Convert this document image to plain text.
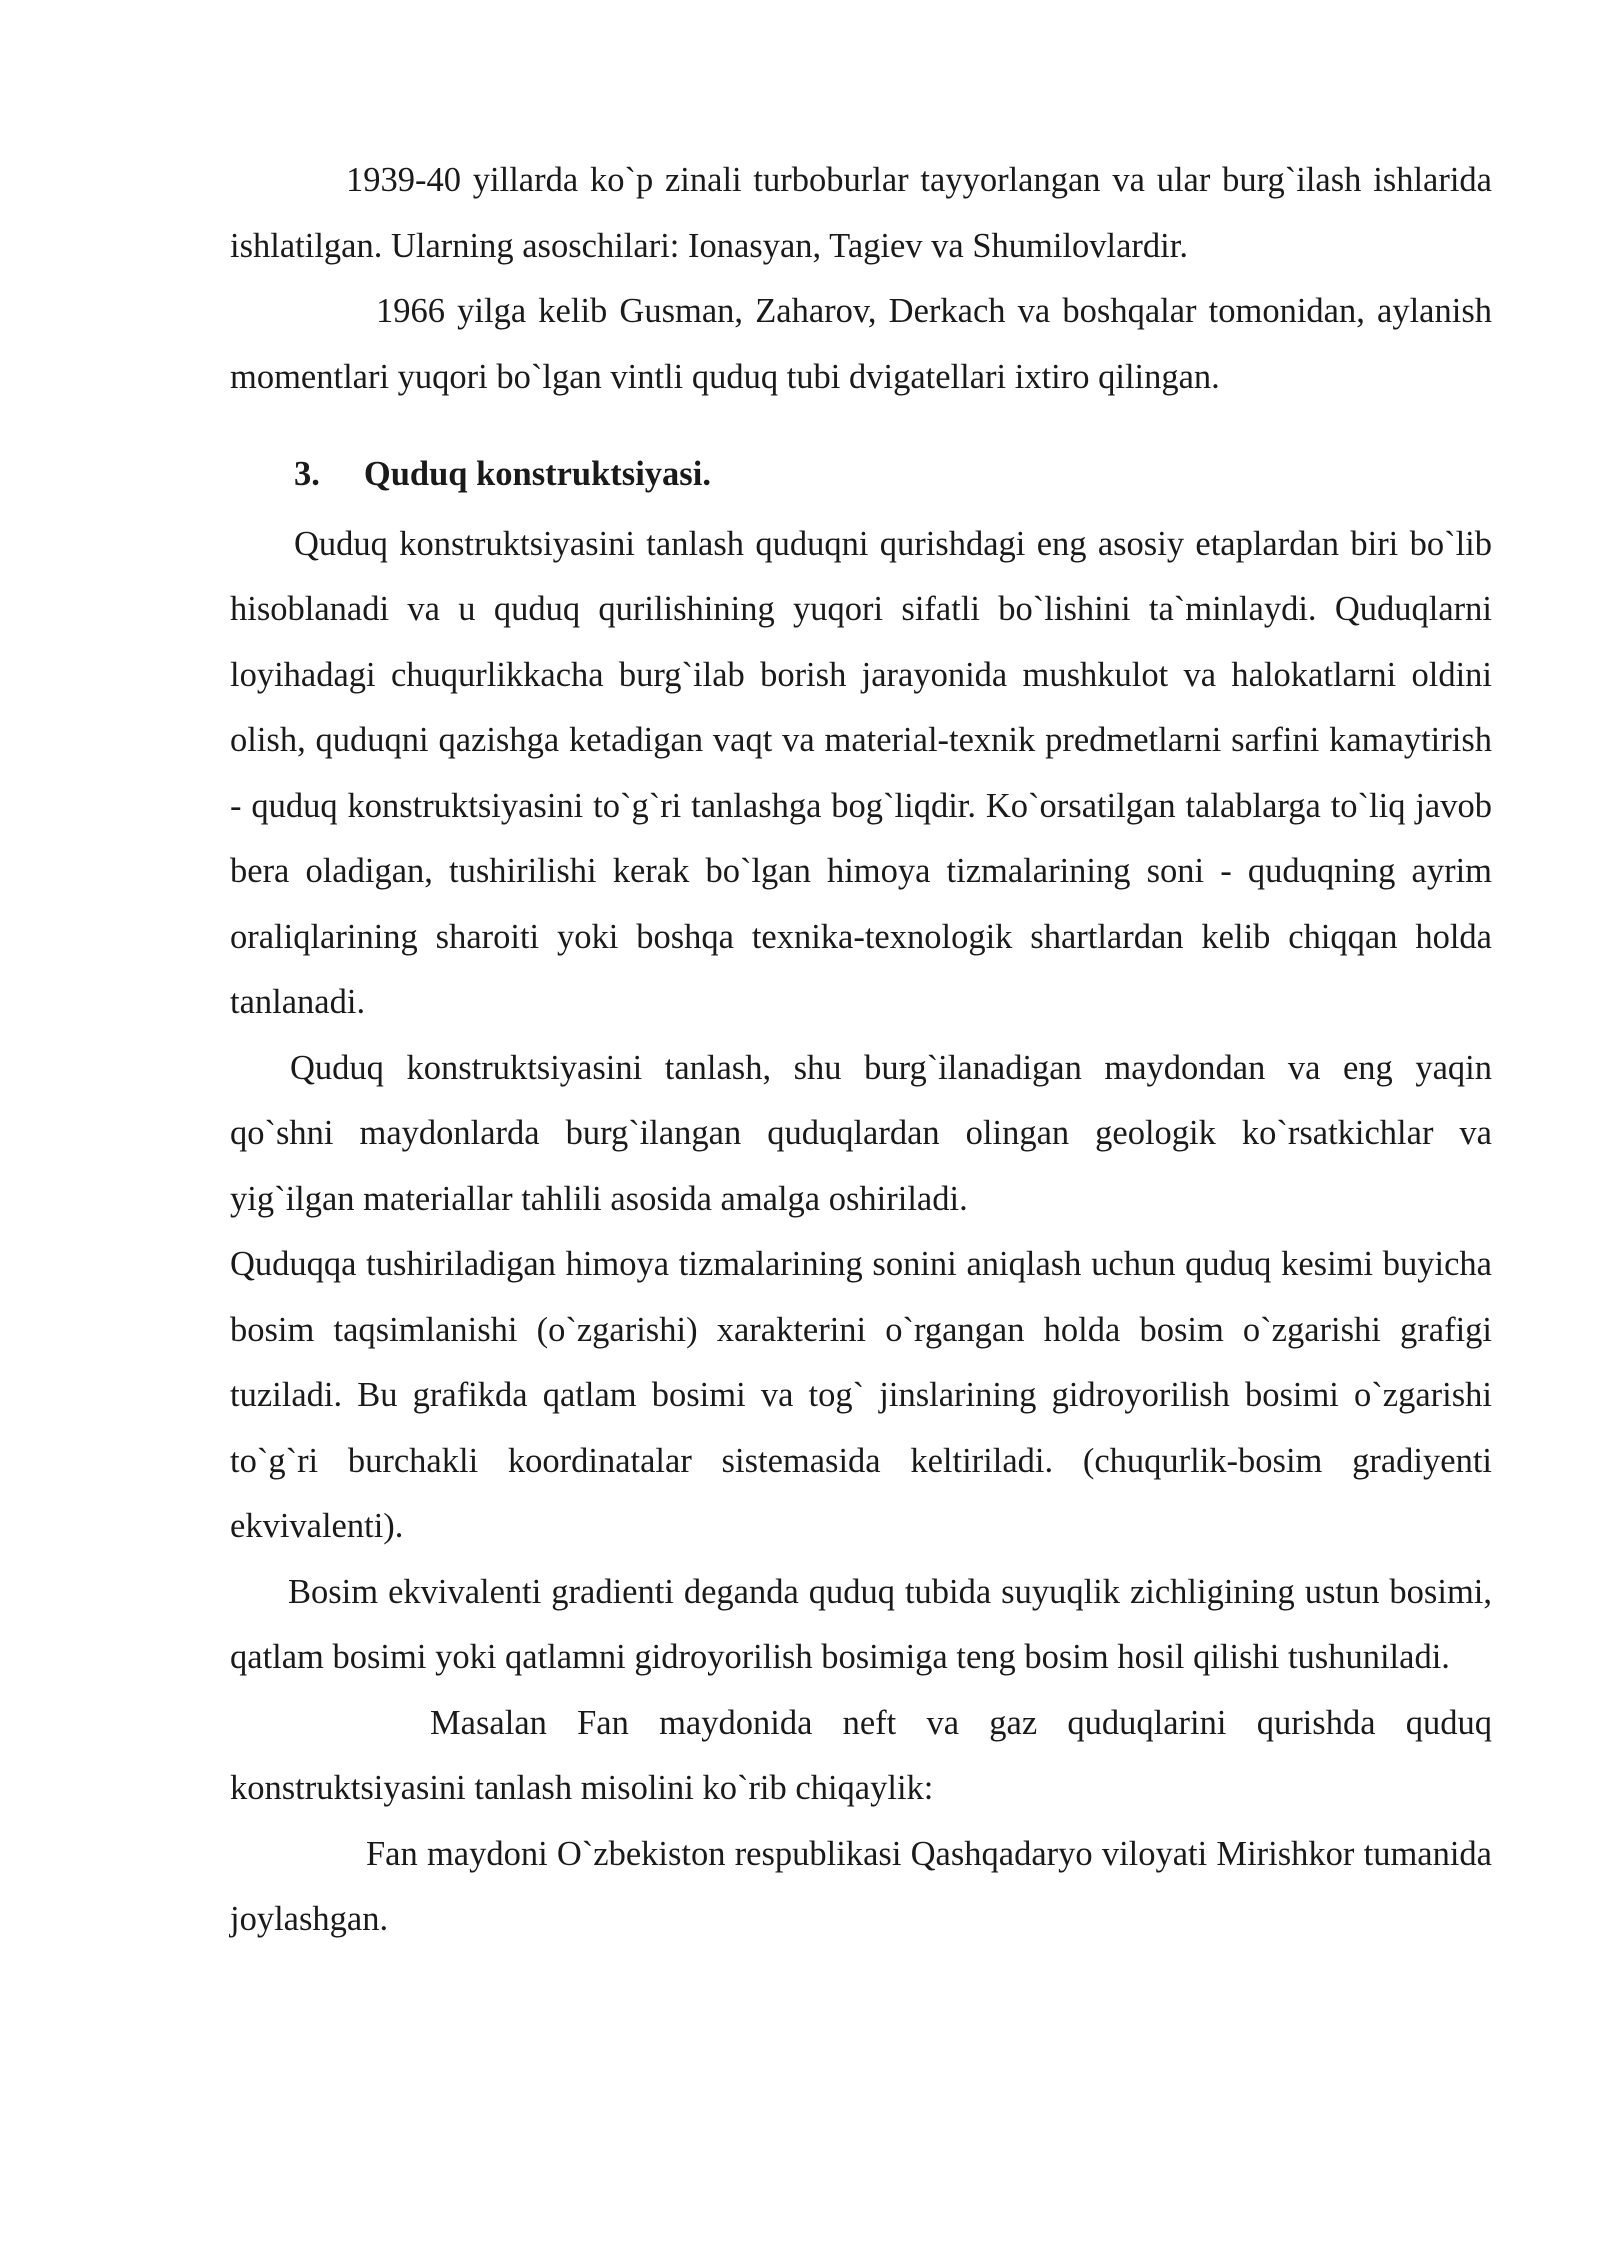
1939-40 yillarda ko`p zinali turboburlar tayyorlangan va ular burg`ilash ishlarida ishlatilgan. Ularning asoschilari: Ionasyan, Tagiev va Shumilovlardir.

1966 yilga kelib Gusman, Zaharov, Derkach va boshqalar tomonidan, aylanish momentlari yuqori bo`lgan vintli quduq tubi dvigatellari ixtiro qilingan.

3. Quduq konstruktsiyasi.

Quduq konstruktsiyasini tanlash quduqni qurishdagi eng asosiy etaplardan biri bo`lib hisoblanadi va u quduq qurilishining yuqori sifatli bo`lishini ta`minlaydi. Quduqlarni loyihadagi chuqurlikkacha burg`ilab borish jarayonida mushkulot va halokatlarni oldini olish, quduqni qazishga ketadigan vaqt va material-texnik predmetlarni sarfini kamaytirish - quduq konstruktsiyasini to`g`ri tanlashga bog`liqdir. Ko`orsatilgan talablarga to`liq javob bera oladigan, tushirilishi kerak bo`lgan himoya tizmalarining soni - quduqning ayrim oraliqlarining sharoiti yoki boshqa texnika-texnologik shartlardan kelib chiqqan holda tanlanadi.

Quduq konstruktsiyasini tanlash, shu burg`ilanadigan maydondan va eng yaqin qo`shni maydonlarda burg`ilangan quduqlardan olingan geologik ko`rsatkichlar va yig`ilgan materiallar tahlili asosida amalga oshiriladi.

Quduqqa tushiriladigan himoya tizmalarining sonini aniqlash uchun quduq kesimi buyicha bosim taqsimlanishi (o`zgarishi) xarakterini o`rgangan holda bosim o`zgarishi grafigi tuziladi. Bu grafikda qatlam bosimi va tog` jinslarining gidroyorilish bosimi o`zgarishi to`g`ri burchakli koordinatalar sistemasida keltiriladi. (chuqurlik-bosim gradiyenti ekvivalenti).

Bosim ekvivalenti gradienti deganda quduq tubida suyuqlik zichligining ustun bosimi, qatlam bosimi yoki qatlamni gidroyorilish bosimiga teng bosim hosil qilishi tushuniladi.

Masalan Fan maydonida neft va gaz quduqlarini qurishda quduq konstruktsiyasini tanlash misolini ko`rib chiqaylik:

Fan maydoni O`zbekiston respublikasi Qashqadaryo viloyati Mirishkor tumanida joylashgan.
